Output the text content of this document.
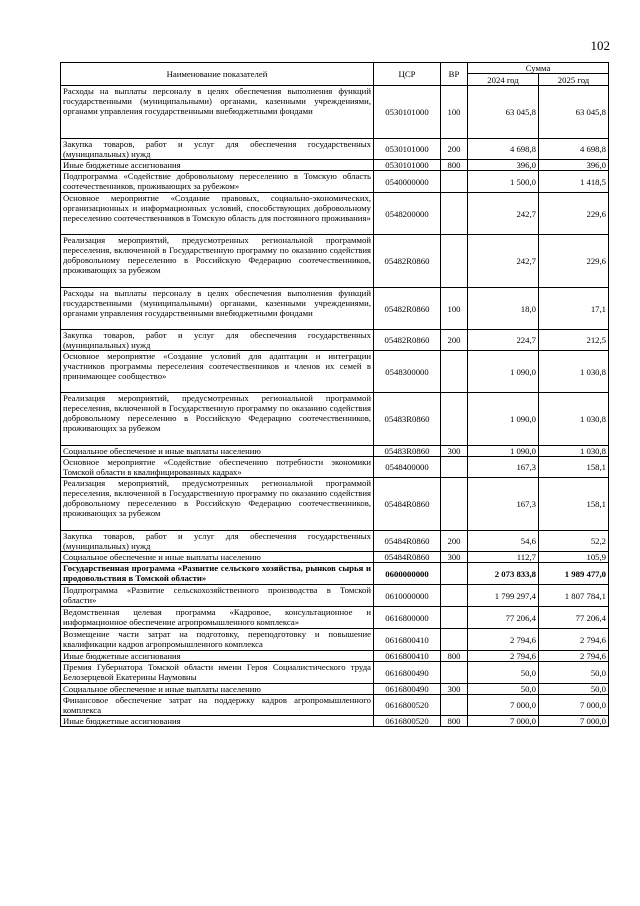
102
Наименование показателей	ЦСР	ВР	Сумма	
			2024 год	2025 год
Расходы на выплаты персоналу в целях обеспечения выполнения функций государственными (муниципальными) органами, казенными учреждениями, органами управления государственными внебюджетными фондами	0530101000	100	63 045,8	63 045,8
Закупка товаров, работ и услуг для обеспечения государственных (муниципальных) нужд	0530101000	200	4 698,8	4 698,8
Иные бюджетные ассигнования	0530101000	800	396,0	396,0
Подпрограмма «Содействие добровольному переселению в Томскую область соотечественников, проживающих за рубежом»	0540000000		1 500,0	1 418,5
Основное мероприятие «Создание правовых, социально-экономических, организационных и информационных условий, способствующих добровольному переселению соотечественников в Томскую область для постоянного проживания»	0548200000		242,7	229,6
Реализация мероприятий, предусмотренных региональной программой переселения, включенной в Государственную программу по оказанию содействия добровольному переселению в Российскую Федерацию соотечественников, проживающих за рубежом	05482R0860		242,7	229,6
Расходы на выплаты персоналу в целях обеспечения выполнения функций государственными (муниципальными) органами, казенными учреждениями, органами управления государственными внебюджетными фондами	05482R0860	100	18,0	17,1
Закупка товаров, работ и услуг для обеспечения государственных (муниципальных) нужд	05482R0860	200	224,7	212,5
Основное мероприятие «Создание условий для адаптации и интеграции участников программы переселения соотечественников и членов их семей в принимающее сообщество»	0548300000		1 090,0	1 030,8
Реализация мероприятий, предусмотренных региональной программой переселения, включенной в Государственную программу по оказанию содействия добровольному переселению в Российскую Федерацию соотечественников, проживающих за рубежом	05483R0860		1 090,0	1 030,8
Социальное обеспечение и иные выплаты населению	05483R0860	300	1 090,0	1 030,8
Основное мероприятие «Содействие обеспечению потребности экономики Томской области в квалифицированных кадрах»	0548400000		167,3	158,1
Реализация мероприятий, предусмотренных региональной программой переселения, включенной в Государственную программу по оказанию содействия добровольному переселению в Российскую Федерацию соотечественников, проживающих за рубежом	05484R0860		167,3	158,1
Закупка товаров, работ и услуг для обеспечения государственных (муниципальных) нужд	05484R0860	200	54,6	52,2
Социальное обеспечение и иные выплаты населению	05484R0860	300	112,7	105,9
Государственная программа «Развитие сельского хозяйства, рынков сырья и продовольствия в Томской области»	0600000000		2 073 833,8	1 989 477,0
Подпрограмма «Развитие сельскохозяйственного производства в Томской области»	0610000000		1 799 297,4	1 807 784,1
Ведомственная целевая программа «Кадровое, консультационное и информационное обеспечение агропромышленного комплекса»	0616800000		77 206,4	77 206,4
Возмещение части затрат на подготовку, переподготовку и повышение квалификации кадров агропромышленного комплекса	0616800410		2 794,6	2 794,6
Иные бюджетные ассигнования	0616800410	800	2 794,6	2 794,6
Премия Губернатора Томской области имени Героя Социалистического труда Белозерцевой Екатерины Наумовны	0616800490		50,0	50,0
Социальное обеспечение и иные выплаты населению	0616800490	300	50,0	50,0
Финансовое обеспечение затрат на поддержку кадров агропромышленного комплекса	0616800520		7 000,0	7 000,0
Иные бюджетные ассигнования	0616800520	800	7 000,0	7 000,0
